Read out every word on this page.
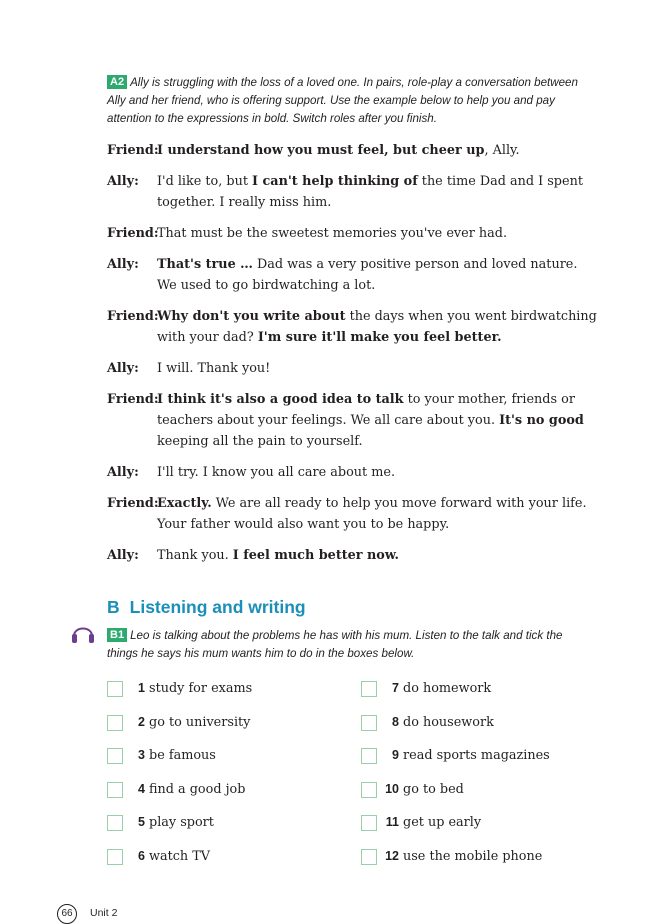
A2 Ally is struggling with the loss of a loved one. In pairs, role-play a conversation between Ally and her friend, who is offering support. Use the example below to help you and pay attention to the expressions in bold. Switch roles after you finish.
Friend:
I understand how you must feel, but cheer up, Ally.
Ally: I'd like to, but I can't help thinking of the time Dad and I spent together. I really miss him.
Friend:
That must be the sweetest memories you've ever had.
Ally: That's true … Dad was a very positive person and loved nature. We used to go birdwatching a lot.
Friend:
Why don't you write about the days when you went birdwatching with your dad? I'm sure it'll make you feel better.
Ally: I will. Thank you!
Friend:
I think it's also a good idea to talk to your mother, friends or teachers about your feelings. We all care about you. It's no good keeping all the pain to yourself.
Ally: I'll try. I know you all care about me.
Friend:
Exactly. We are all ready to help you move forward with your life. Your father would also want you to be happy.
Ally: Thank you. I feel much better now.
B Listening and writing
B1 Leo is talking about the problems he has with his mum. Listen to the talk and tick the things he says his mum wants him to do in the boxes below.
1 study for exams
2 go to university
3 be famous
4 find a good job
5 play sport
6 watch TV
7 do homework
8 do housework
9 read sports magazines
10 go to bed
11 get up early
12 use the mobile phone
66	Unit 2
